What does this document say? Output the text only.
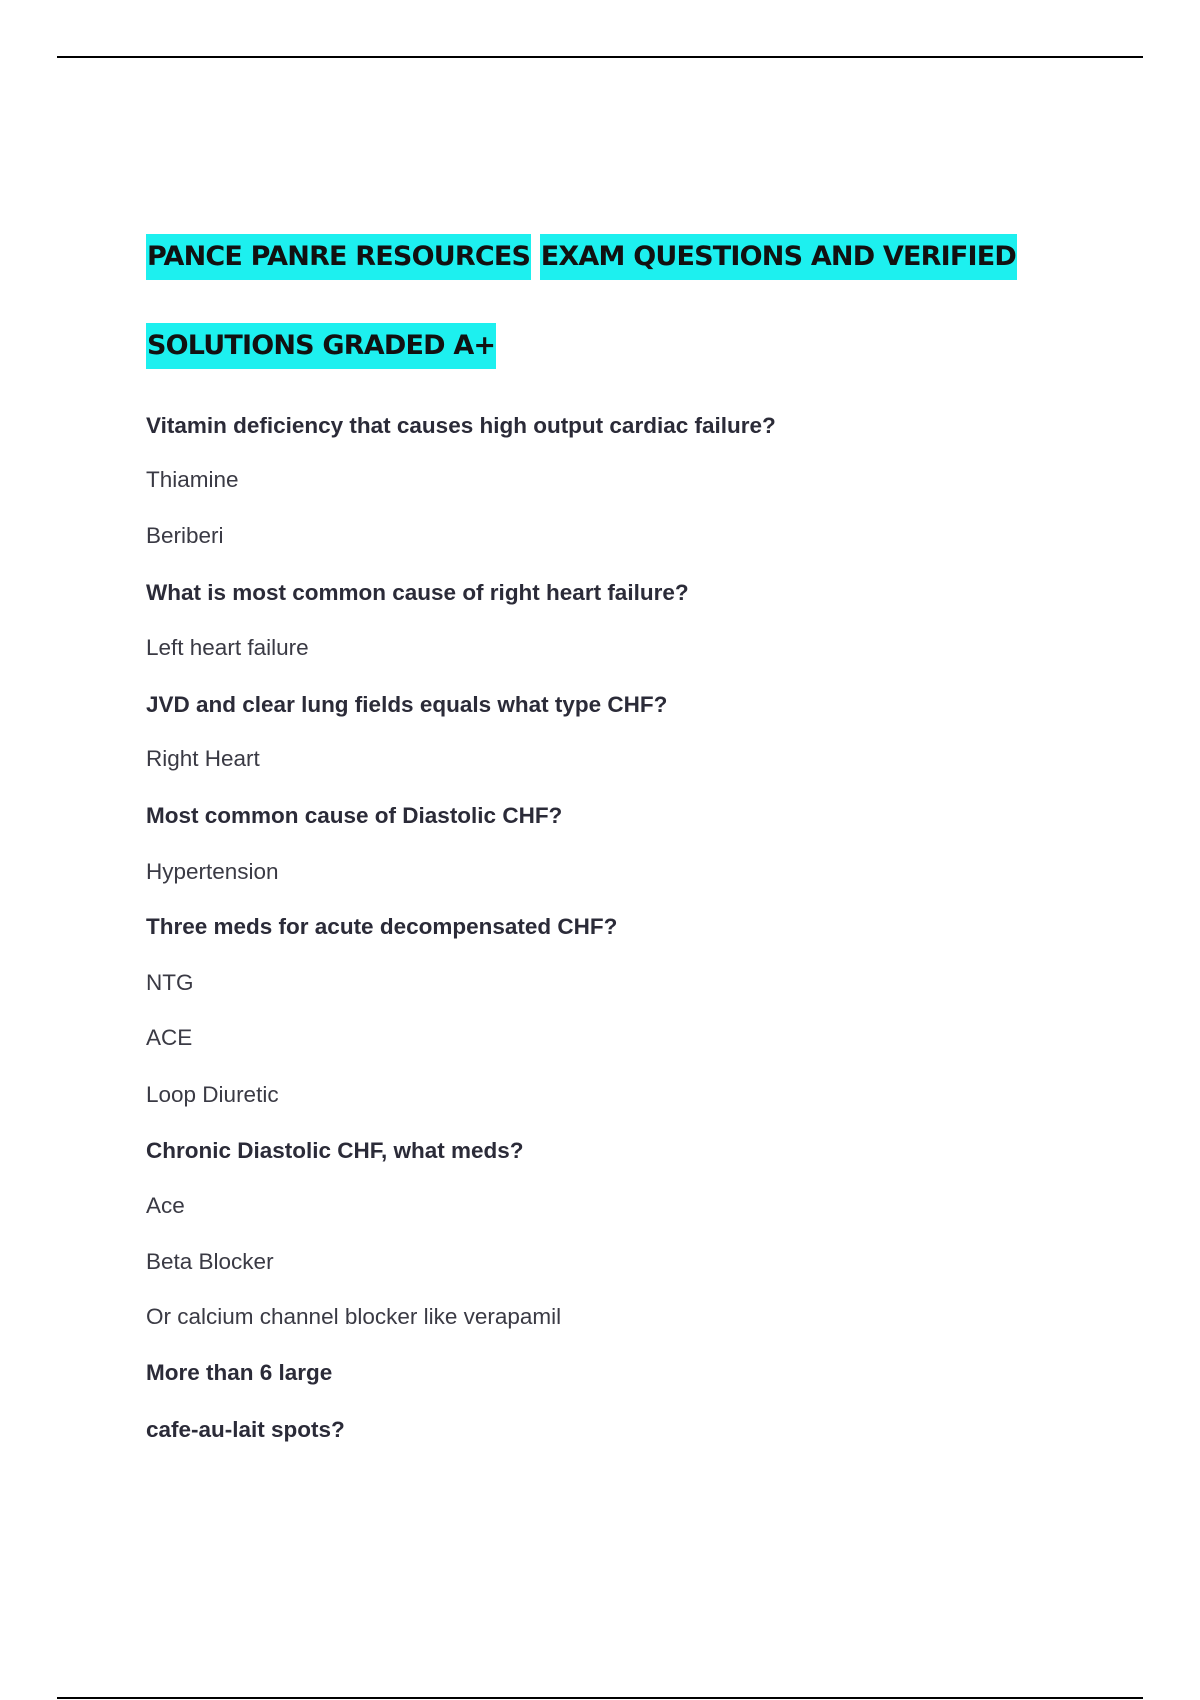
PANCE PANRE RESOURCES EXAM QUESTIONS AND VERIFIED
SOLUTIONS GRADED A+
Vitamin deficiency that causes high output cardiac failure?
Thiamine
Beriberi
What is most common cause of right heart failure?
Left heart failure
JVD and clear lung fields equals what type CHF?
Right Heart
Most common cause of Diastolic CHF?
Hypertension
Three meds for acute decompensated CHF?
NTG
ACE
Loop Diuretic
Chronic Diastolic CHF, what meds?
Ace
Beta Blocker
Or calcium channel blocker like verapamil
More than 6 large
cafe-au-lait spots?
